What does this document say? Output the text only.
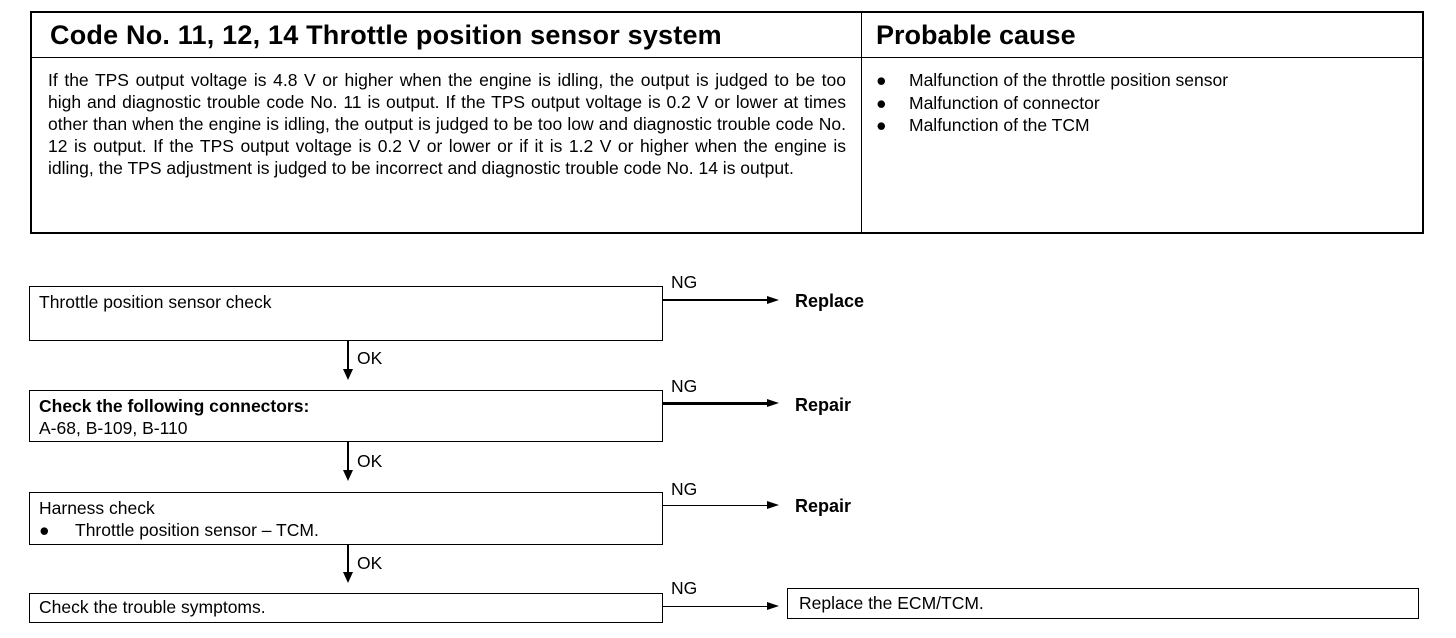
Code No. 11, 12, 14 Throttle position sensor system	Probable cause
If the TPS output voltage is 4.8 V or higher when the engine is idling, the output is judged to be too high and diagnostic trouble code No. 11 is output. If the TPS output voltage is 0.2 V or lower at times other than when the engine is idling, the output is judged to be too low and diagnostic trouble code No. 12 is output. If the TPS output voltage is 0.2 V or lower or if it is 1.2 V or higher when the engine is idling, the TPS adjustment is judged to be incorrect and diagnostic trouble code No. 14 is output.
● Malfunction of the throttle position sensor
● Malfunction of connector
● Malfunction of the TCM
Throttle position sensor check
NG
Replace
OK
Check the following connectors:
A-68, B-109, B-110
NG
Repair
OK
Harness check
●	Throttle position sensor – TCM.
NG
Repair
OK
Check the trouble symptoms.
NG
Replace the ECM/TCM.
